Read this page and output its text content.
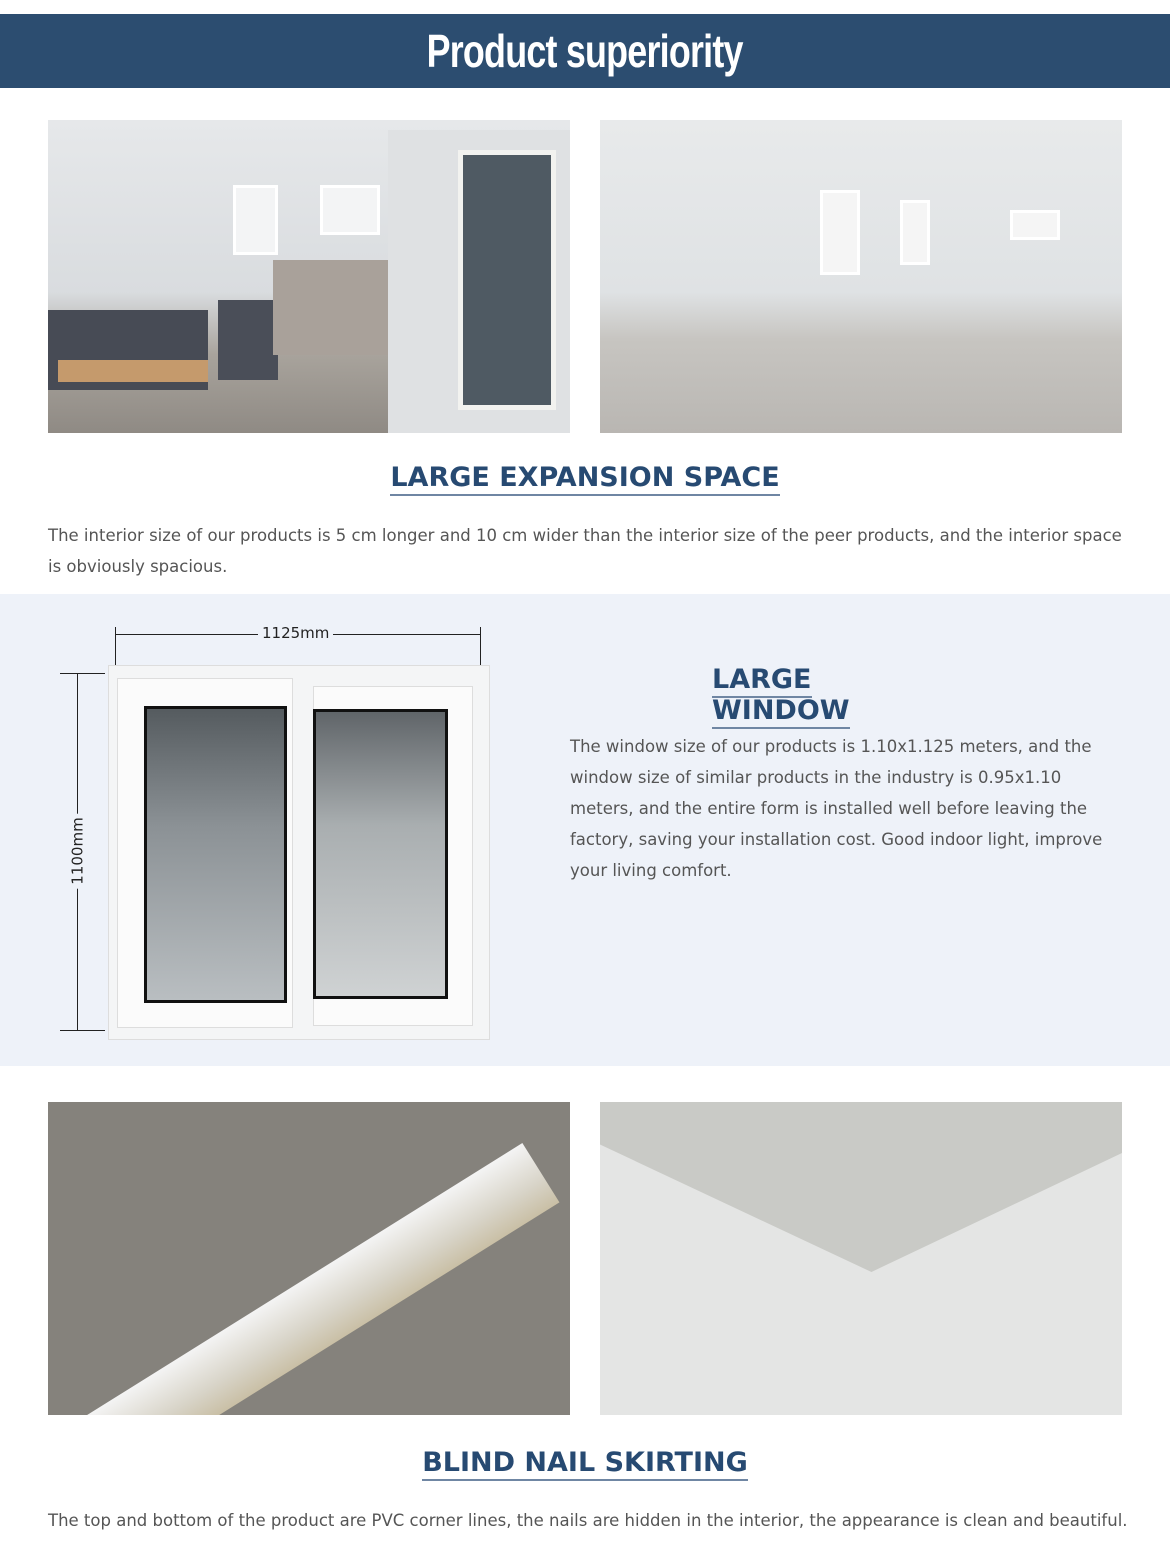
Product superiority
LARGE EXPANSION SPACE

The interior size of our products is 5 cm longer and 10 cm wider than the interior size of the peer products, and the interior space is obviously spacious.

1125mm
1100mm
LARGE WINDOW

The window size of our products is 1.10x1.125 meters, and the window size of similar products in the industry is 0.95x1.10 meters, and the entire form is installed well before leaving the factory, saving your installation cost. Good indoor light, improve your living comfort.

BLIND NAIL SKIRTING

The top and bottom of the product are PVC corner lines, the nails are hidden in the interior, the appearance is clean and beautiful.
